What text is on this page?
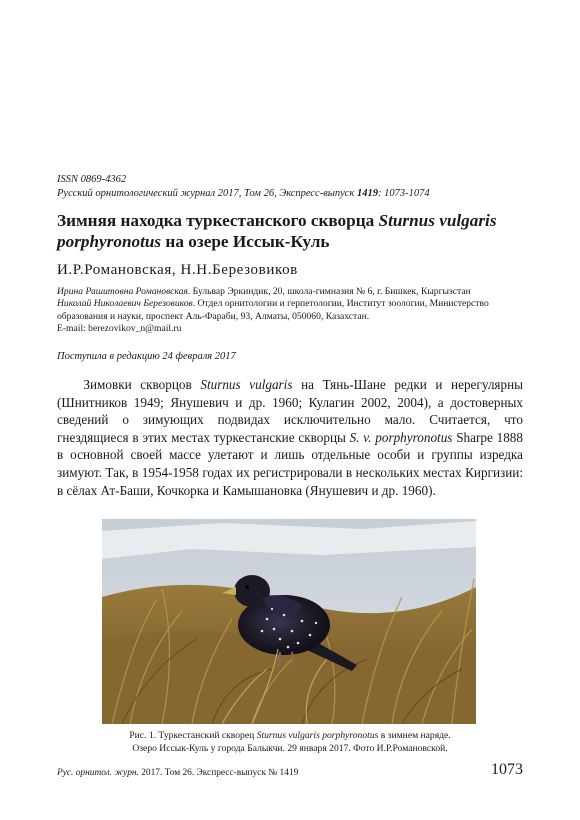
ISSN 0869-4362
Русский орнитологический журнал 2017, Том 26, Экспресс-выпуск 1419: 1073-1074
Зимняя находка туркестанского скворца Sturnus vulgaris porphyronotus на озере Иссык-Куль
И.Р.Романовская, Н.Н.Березовиков
Ирина Рашитовна Романовская. Бульвар Эркиндик, 20, школа-гимназия № 6, г. Бишкек, Кыргызстан
Николай Николаевич Березовиков. Отдел орнитологии и герпетологии, Институт зоологии, Министерство образования и науки, проспект Аль-Фараби, 93, Алматы, 050060, Казахстан.
E-mail: berezovikov_n@mail.ru
Поступила в редакцию 24 февраля 2017
  Зимовки скворцов Sturnus vulgaris на Тянь-Шане редки и нерегулярны (Шнитников 1949; Янушевич и др. 1960; Кулагин 2002, 2004), а достоверных сведений о зимующих подвидах исключительно мало. Считается, что гнездящиеся в этих местах туркестанские скворцы S. v. porphyronotus Sharpe 1888 в основной своей массе улетают и лишь отдельные особи и группы изредка зимуют. Так, в 1954-1958 годах их регистрировали в нескольких местах Киргизии: в сёлах Ат-Баши, Кочкорка и Камышановка (Янушевич и др. 1960).
Рис. 1. Туркестанский скворец Sturnus vulgaris porphyronotus в зимнем наряде.
Озеро Иссык-Куль у города Балыкчи. 29 января 2017. Фото И.Р.Романовской.
Рус. орнитол. журн. 2017. Том 26. Экспресс-выпуск № 1419	1073
